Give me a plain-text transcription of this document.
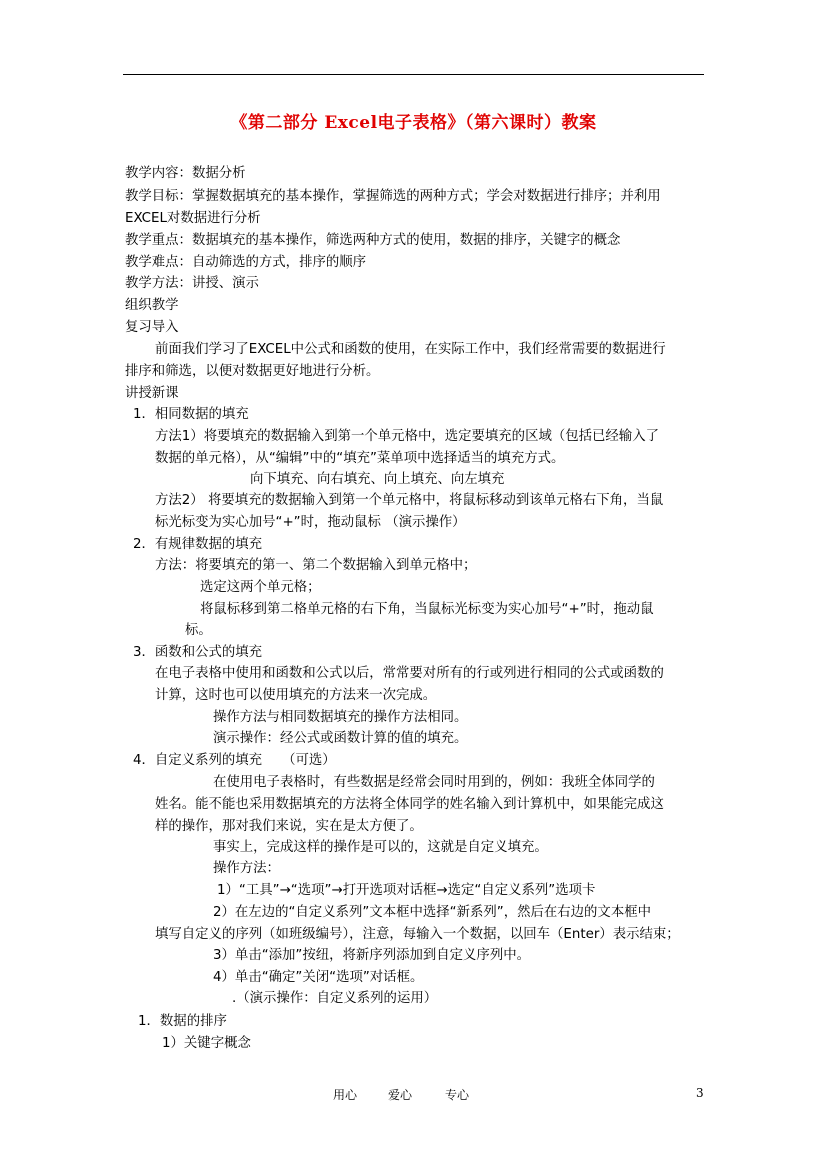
《第二部分 Excel电子表格》（第六课时）教案
教学内容：数据分析
教学目标：掌握数据填充的基本操作，掌握筛选的两种方式；学会对数据进行排序；并利用
EXCEL对数据进行分析
教学重点：数据填充的基本操作，筛选两种方式的使用，数据的排序，关键字的概念
教学难点：自动筛选的方式，排序的顺序
教学方法：讲授、演示
组织教学
复习导入
前面我们学习了EXCEL中公式和函数的使用，在实际工作中，我们经常需要的数据进行
排序和筛选，以便对数据更好地进行分析。
讲授新课
1．相同数据的填充
方法1）将要填充的数据输入到第一个单元格中，选定要填充的区域（包括已经输入了
数据的单元格），从“编辑”中的“填充”菜单项中选择适当的填充方式。
向下填充、向右填充、向上填充、向左填充
方法2） 将要填充的数据输入到第一个单元格中，将鼠标移动到该单元格右下角，当鼠
标光标变为实心加号“+”时，拖动鼠标 （演示操作）
2．有规律数据的填充
方法：将要填充的第一、第二个数据输入到单元格中；
选定这两个单元格；
将鼠标移到第二格单元格的右下角，当鼠标光标变为实心加号“+”时，拖动鼠
标。
3．函数和公式的填充
在电子表格中使用和函数和公式以后，常常要对所有的行或列进行相同的公式或函数的
计算，这时也可以使用填充的方法来一次完成。
操作方法与相同数据填充的操作方法相同。
演示操作：经公式或函数计算的值的填充。
4．自定义系列的填充　　（可选）
在使用电子表格时，有些数据是经常会同时用到的，例如：我班全体同学的
姓名。能不能也采用数据填充的方法将全体同学的姓名输入到计算机中，如果能完成这
样的操作，那对我们来说，实在是太方便了。
事实上，完成这样的操作是可以的，这就是自定义填充。
操作方法：
1）“工具”→“选项”→打开选项对话框→选定“自定义系列”选项卡
2）在左边的“自定义系列”文本框中选择“新系列”，然后在右边的文本框中
填写自定义的序列（如班级编号），注意，每输入一个数据，以回车（Enter）表示结束；
3）单击“添加”按纽，将新序列添加到自定义序列中。
4）单击“确定”关闭“选项”对话框。
.（演示操作：自定义系列的运用）
1．数据的排序
1）关键字概念
用心	爱心	专心	3
